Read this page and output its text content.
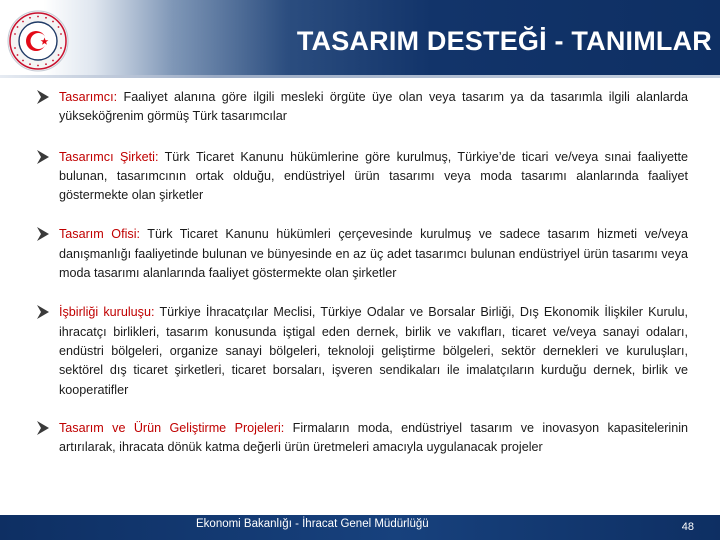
TASARIM DESTEĞİ - TANIMLAR
Tasarımcı: Faaliyet alanına göre ilgili mesleki örgüte üye olan veya tasarım ya da tasarımla ilgili alanlarda yükseköğrenim görmüş Türk tasarımcılar
Tasarımcı Şirketi: Türk Ticaret Kanunu hükümlerine göre kurulmuş, Türkiye’de ticari ve/veya sınai faaliyette bulunan, tasarımcının ortak olduğu, endüstriyel ürün tasarımı veya moda tasarımı alanlarında faaliyet göstermekte olan şirketler
Tasarım Ofisi: Türk Ticaret Kanunu hükümleri çerçevesinde kurulmuş ve sadece tasarım hizmeti ve/veya danışmanlığı faaliyetinde bulunan ve bünyesinde en az üç adet tasarımcı bulunan endüstriyel ürün tasarımı veya moda tasarımı alanlarında faaliyet göstermekte olan şirketler
İşbirliği kuruluşu: Türkiye İhracatçılar Meclisi, Türkiye Odalar ve Borsalar Birliği, Dış Ekonomik İlişkiler Kurulu, ihracatçı birlikleri, tasarım konusunda iştigal eden dernek, birlik ve vakıfları, ticaret ve/veya sanayi odaları, endüstri bölgeleri, organize sanayi bölgeleri, teknoloji geliştirme bölgeleri, sektör dernekleri ve kuruluşları, sektörel dış ticaret şirketleri, ticaret borsaları, işveren sendikaları ile imalatçıların kurduğu dernek, birlik ve kooperatifler
Tasarım ve Ürün Geliştirme Projeleri: Firmaların moda, endüstriyel tasarım ve inovasyon kapasitelerinin artırılarak, ihracata dönük katma değerli ürün üretmeleri amacıyla uygulanacak projeler
Ekonomi Bakanlığı - İhracat Genel Müdürlüğü	48
